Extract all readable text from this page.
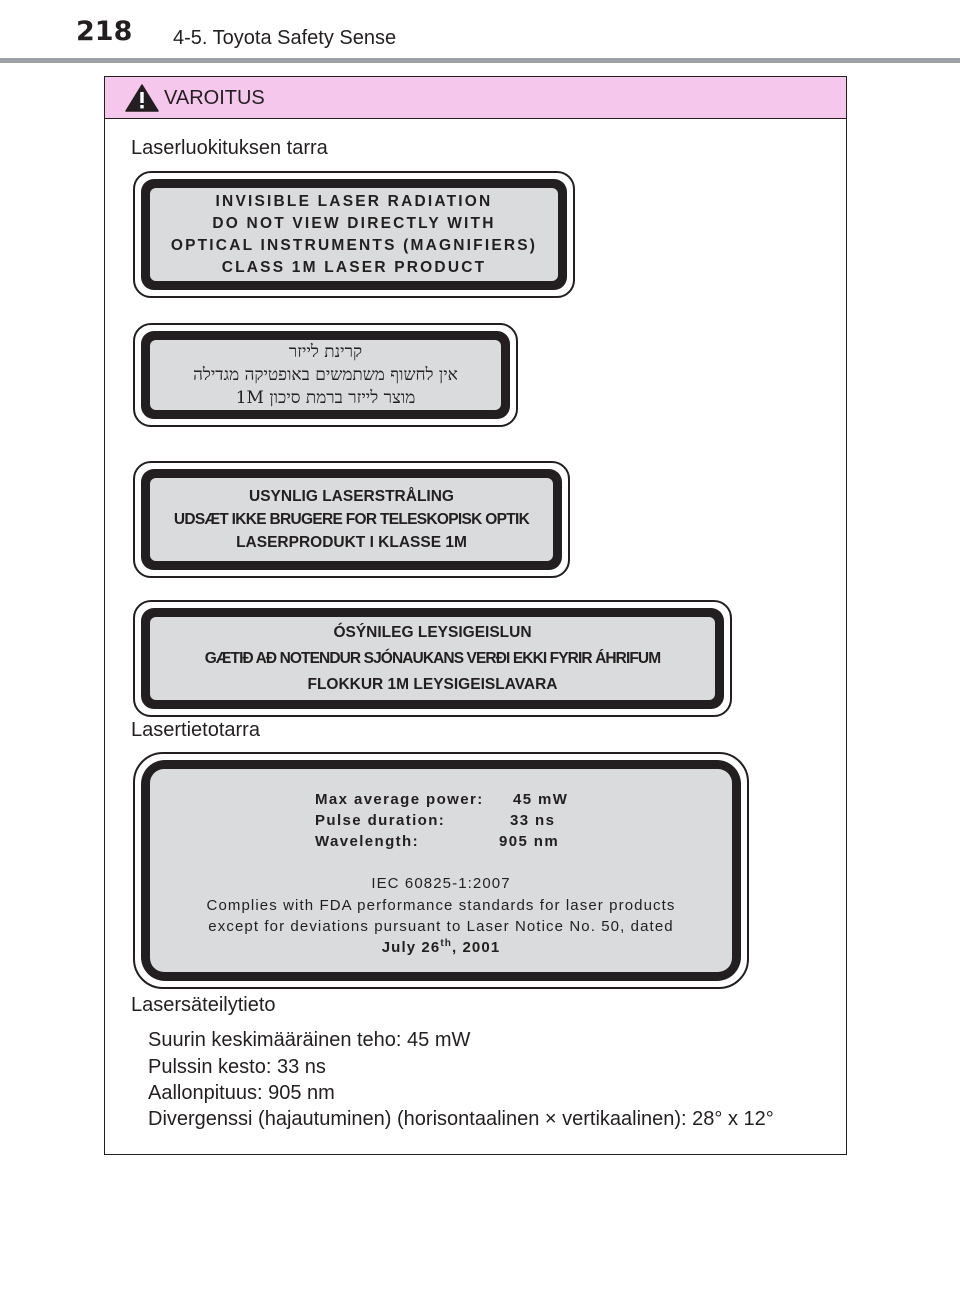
218 4-5. Toyota Safety Sense
VAROITUS
Laserluokituksen tarra
INVISIBLE LASER RADIATION
DO NOT VIEW DIRECTLY WITH
OPTICAL INSTRUMENTS (MAGNIFIERS)
CLASS 1M LASER PRODUCT
קרינת לייזר
אין לחשוף משתמשים באופטיקה מגדילה
מוצר לייזר ברמת סיכון 1M
USYNLIG LASERSTRÅLING
UDSÆT IKKE BRUGERE FOR TELESKOPISK OPTIK
LASERPRODUKT I KLASSE 1M
ÓSÝNILEG LEYSIGEISLUN
GÆTIÐ AÐ NOTENDUR SJÓNAUKANS VERÐI EKKI FYRIR ÁHRIFUM
FLOKKUR 1M LEYSIGEISLAVARA
Lasertietotarra
Max average power: 45 mW
Pulse duration:	33 ns
Wavelength:	905 nm
IEC 60825-1:2007
Complies with FDA performance standards for laser products
except for deviations pursuant to Laser Notice No. 50, dated
July 26th, 2001
Lasersäteilytieto
Suurin keskimääräinen teho: 45 mW
Pulssin kesto: 33 ns
Aallonpituus: 905 nm
Divergenssi (hajautuminen) (horisontaalinen × vertikaalinen): 28° x 12°
